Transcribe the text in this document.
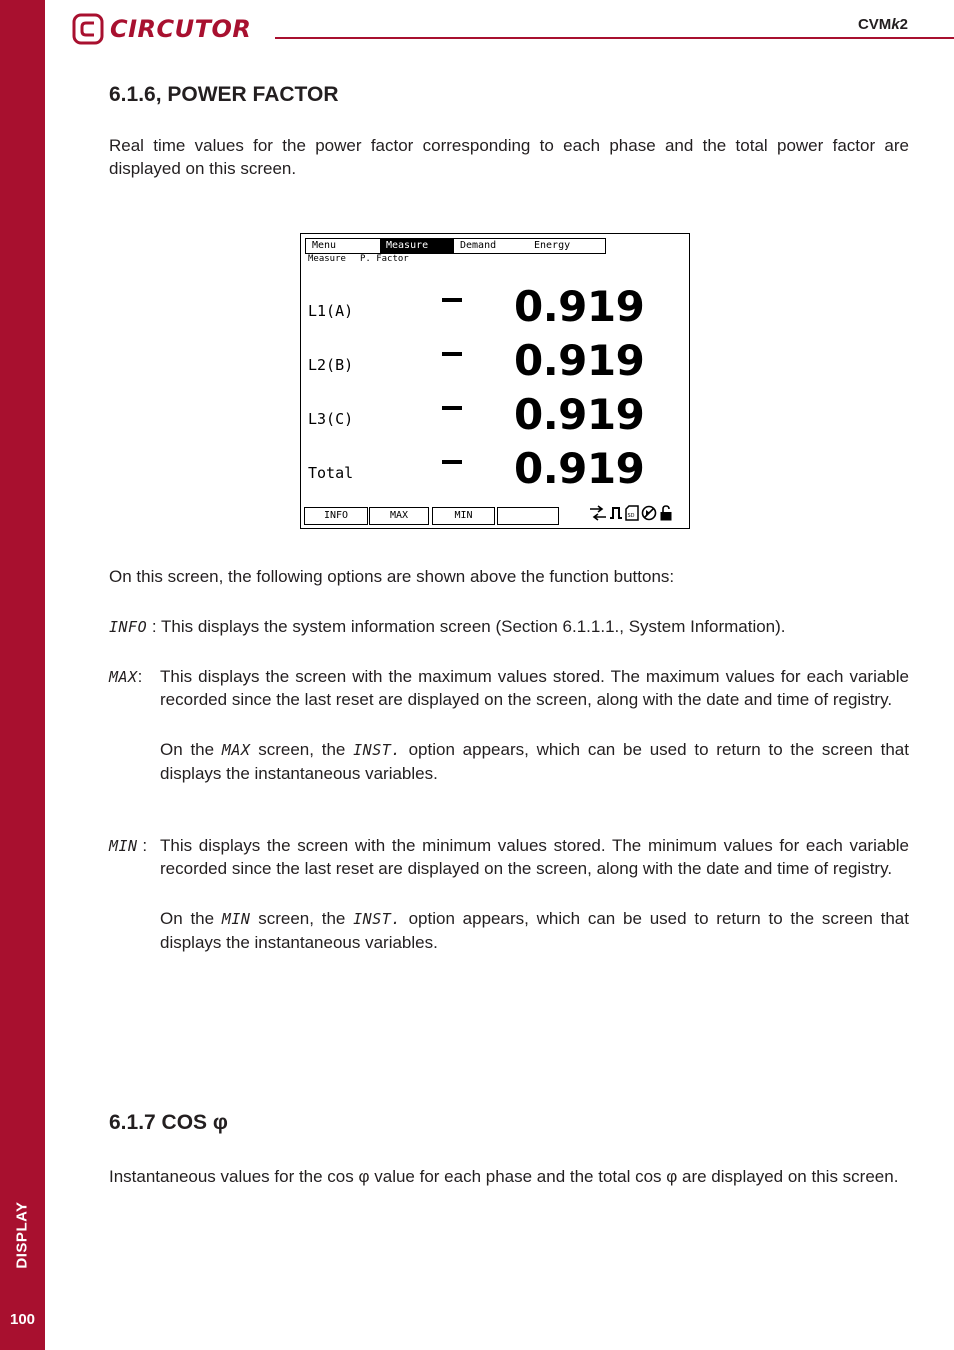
DISPLAY
100
CIRCUTOR	CVMk2
6.1.6, POWER FACTOR

Real time values for the power factor corresponding to each phase and the total power factor are displayed on this screen.

Menu	Measure	Demand	Energy
Measure P. Factor
L1(A)	0.919
L2(B)	0.919
L3(C)	0.919
Total	0.919
INFO	MAX	MIN	SD

On this screen, the following options are shown above the function buttons:

INFO : This displays the system information screen (Section 6.1.1.1., System Information).

MAX: This displays the screen with the maximum values stored. The maximum values for each variable recorded since the last reset are displayed on the screen, along with the date and time of registry.

On the MAX screen, the INST. option appears, which can be used to return to the screen that displays the instantaneous variables.

MIN : This displays the screen with the minimum values stored. The minimum values for each variable recorded since the last reset are displayed on the screen, along with the date and time of registry.

On the MIN screen, the INST. option appears, which can be used to return to the screen that displays the instantaneous variables.

6.1.7 COS φ

Instantaneous values for the cos φ value for each phase and the total cos φ are displayed on this screen.
